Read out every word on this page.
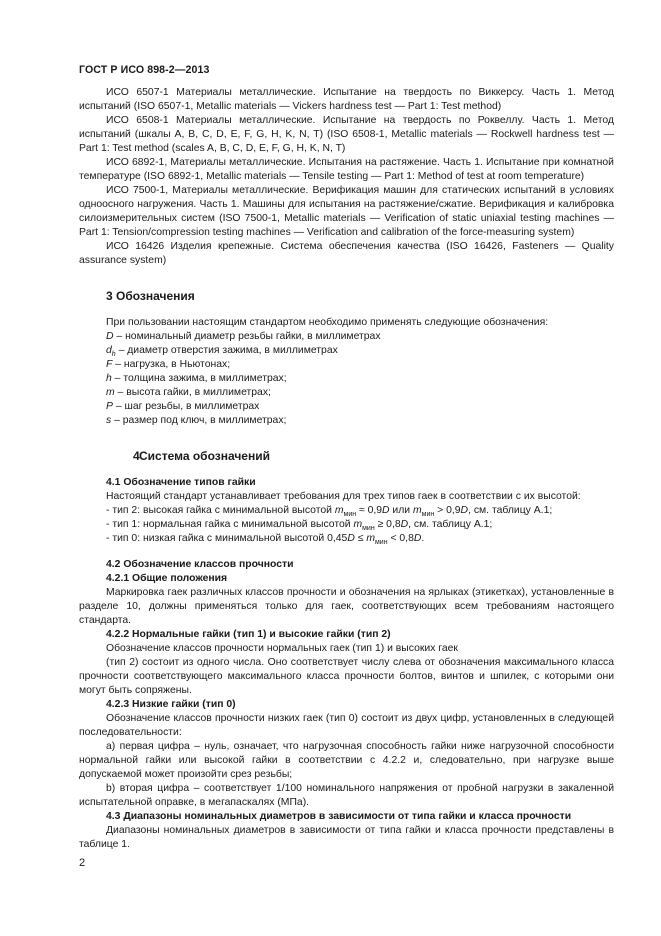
ГОСТ Р ИСО 898-2—2013

ИСО 6507-1 Материалы металлические. Испытание на твердость по Виккерсу. Часть 1. Метод испытаний (ISO 6507-1, Metallic materials — Vickers hardness test — Part 1: Test method)

ИСО 6508-1 Материалы металлические. Испытание на твердость по Роквеллу. Часть 1. Метод испытаний (шкалы A, B, C, D, E, F, G, H, K, N, T) (ISO 6508-1, Metallic materials — Rockwell hardness test — Part 1: Test method (scales A, B, C, D, E, F, G, H, K, N, T)

ИСО 6892-1, Материалы металлические. Испытания на растяжение. Часть 1. Испытание при комнатной температуре (ISO 6892-1, Metallic materials — Tensile testing — Part 1: Method of test at room temperature)

ИСО 7500-1, Материалы металлические. Верификация машин для статических испытаний в условиях одноосного нагружения. Часть 1. Машины для испытания на растяжение/сжатие. Верификация и калибровка силоизмерительных систем (ISO 7500-1, Metallic materials — Verification of static uniaxial testing machines — Part 1: Tension/compression testing machines — Verification and calibration of the force-measuring system)

ИСО 16426 Изделия крепежные. Система обеспечения качества (ISO 16426, Fasteners — Quality assurance system)

3 Обозначения

При пользовании настоящим стандартом необходимо применять следующие обозначения:

D – номинальный диаметр резьбы гайки, в миллиметрах

$d_h$ – диаметр отверстия зажима, в миллиметрах

F – нагрузка, в Ньютонах;

h – толщина зажима, в миллиметрах;

m – высота гайки, в миллиметрах;

P – шаг резьбы, в миллиметрах

s – размер под ключ, в миллиметрах;

4Система обозначений

4.1 Обозначение типов гайки

Настоящий стандарт устанавливает требования для трех типов гаек в соответствии с их высотой:

- тип 2: высокая гайка с минимальной высотой $m_{мин} \approx 0,9D$ или $m_{мин} > 0,9D$, см. таблицу А.1;

- тип 1: нормальная гайка с минимальной высотой $m_{мин} \ge 0,8D$, см. таблицу А.1;

- тип 0: низкая гайка с минимальной высотой $0,45D \le m_{мин} < 0,8D$.

4.2 Обозначение классов прочности

4.2.1 Общие положения

Маркировка гаек различных классов прочности и обозначения на ярлыках (этикетках), установленные в разделе 10, должны применяться только для гаек, соответствующих всем требованиям настоящего стандарта.

4.2.2 Нормальные гайки (тип 1) и высокие гайки (тип 2)

Обозначение классов прочности нормальных гаек (тип 1) и высоких гаек

(тип 2) состоит из одного числа. Оно соответствует числу слева от обозначения максимального класса прочности соответствующего максимального класса прочности болтов, винтов и шпилек, с которыми они могут быть сопряжены.

4.2.3 Низкие гайки (тип 0)

Обозначение классов прочности низких гаек (тип 0) состоит из двух цифр, установленных в следующей последовательности:

а) первая цифра – нуль, означает, что нагрузочная способность гайки ниже нагрузочной способности нормальной гайки или высокой гайки в соответствии с 4.2.2 и, следовательно, при нагрузке выше допускаемой может произойти срез резьбы;

b) вторая цифра – соответствует 1/100 номинального напряжения от пробной нагрузки в закаленной испытательной оправке, в мегапаскалях (МПа).

4.3 Диапазоны номинальных диаметров в зависимости от типа гайки и класса прочности

Диапазоны номинальных диаметров в зависимости от типа гайки и класса прочности представлены в таблице 1.

2
